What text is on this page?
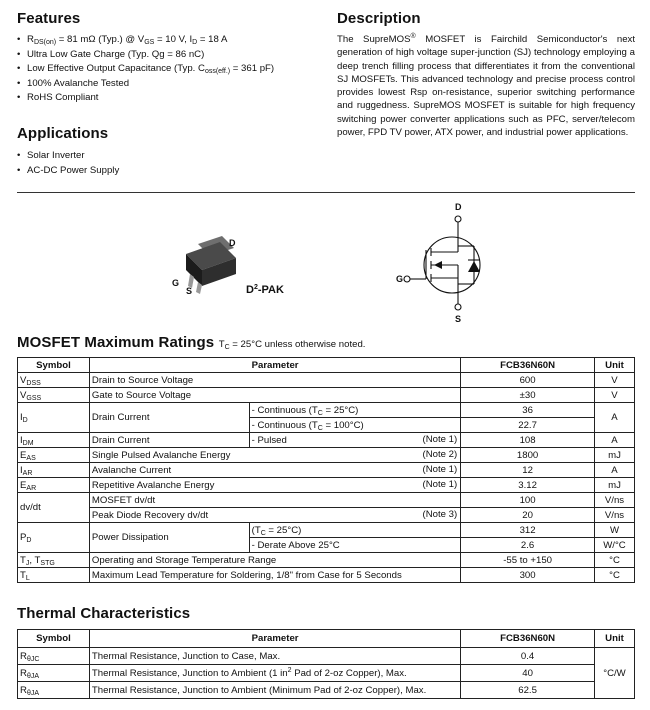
Features
• $R_{DS(on)} = 81$ mΩ (Typ.) @ $V_{GS} = 10$ V, $I_D = 18$ A
• Ultra Low Gate Charge (Typ. Qg = 86 nC)
• Low Effective Output Capacitance (Typ. $C_{oss(eff.)} = 361$ pF)
• 100% Avalanche Tested
• RoHS Compliant
Applications
• Solar Inverter
• AC-DC Power Supply
Description
The SupreMOS® MOSFET is Fairchild Semiconductor's next generation of high voltage super-junction (SJ) technology employing a deep trench filling process that differentiates it from the conventional SJ MOSFETs. This advanced technology and precise process control provides lowest Rsp on-resistance, superior switching performance and ruggedness. SupreMOS MOSFET is suitable for high frequency switching power converter applications such as PFC, server/telecom power, FPD TV power, ATX power, and industrial power applications.
D
G
S	$D^2$-PAK
D
G
S
MOSFET Maximum Ratings $T_C = 25^\circ C$ unless otherwise noted.
Symbol	Parameter		FCB36N60N	Unit
$V_{DSS}$	Drain to Source Voltage		600	V
$V_{GSS}$	Gate to Source Voltage		±30	V
$I_D$	Drain Current	- Continuous $(T_C = 25^\circ C)$	36	A
		- Continuous $(T_C = 100^\circ C)$	22.7	
$I_{DM}$	Drain Current	- Pulsed (Note 1)	108	A
$E_{AS}$	Single Pulsed Avalanche Energy (Note 2)		1800	mJ
$I_{AR}$	Avalanche Current (Note 1)		12	A
$E_{AR}$	Repetitive Avalanche Energy (Note 1)		3.12	mJ
dv/dt	MOSFET dv/dt		100	V/ns
	Peak Diode Recovery dv/dt (Note 3)		20	V/ns
$P_D$	Power Dissipation	$(T_C = 25^\circ C)$	312	W
		- Derate Above 25°C	2.6	W/°C
$T_J$, $T_{STG}$	Operating and Storage Temperature Range		-55 to +150	°C
$T_L$	Maximum Lead Temperature for Soldering, 1/8" from Case for 5 Seconds		300	°C
Thermal Characteristics
Symbol	Parameter	FCB36N60N	Unit
$R_{\theta JC}$	Thermal Resistance, Junction to Case, Max.	0.4	°C/W
$R_{\theta JA}$	Thermal Resistance, Junction to Ambient (1 $in^2$ Pad of 2-oz Copper), Max.	40	
$R_{\theta JA}$	Thermal Resistance, Junction to Ambient (Minimum Pad of 2-oz Copper), Max.	62.5	
